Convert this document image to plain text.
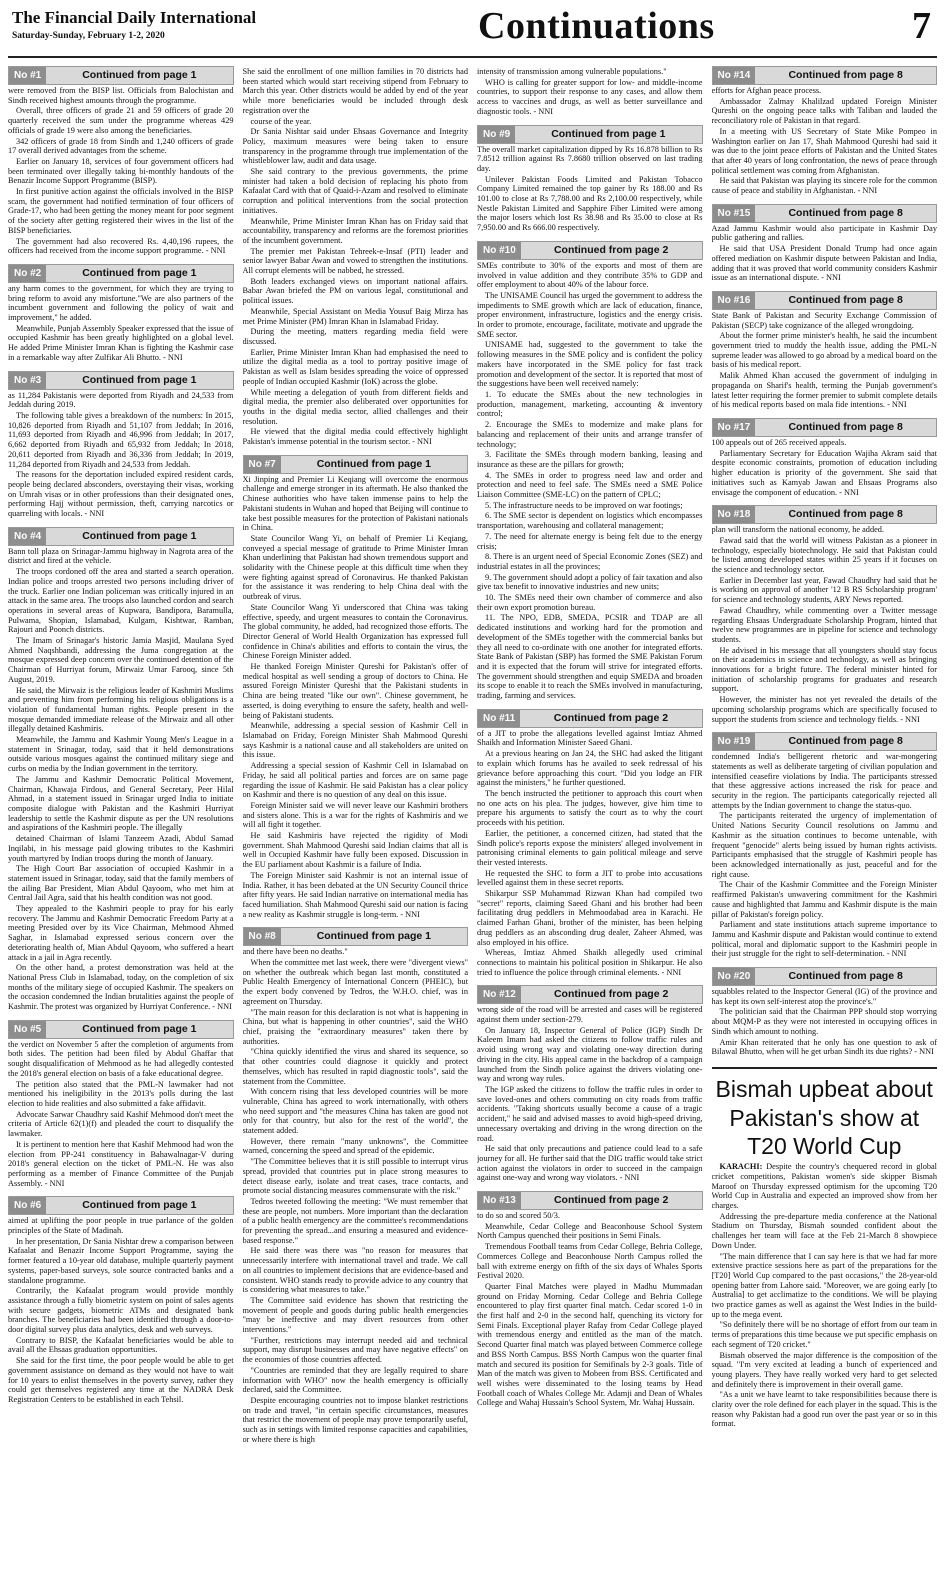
The Financial Daily International
Saturday-Sunday, February 1-2, 2020	Continuations	7
No #1	Continued from page 1

were removed from the BISP list. Officials from Balochistan and Sindh received highest amounts through the programme.

Overall, three officers of grade 21 and 59 officers of grade 20 quarterly received the sum under the programme whereas 429 officials of grade 19 were also among the beneficiaries.

342 officers of grade 18 from Sindh and 1,240 officers of grade 17 overall derived advantages from the scheme.

Earlier on January 18, services of four government officers had been terminated over illegally taking bi-monthly handouts of the Benazir Income Support Programme (BISP).

In first punitive action against the officials involved in the BISP scam, the government had notified termination of four officers of Grade-17, who had been getting the money meant for poor segment of the society after getting registered their wives in the list of the BISP beneficiaries.

The government had also recovered Rs. 4,40,196 rupees, the officers had received from the income support programme. - NNI

No #2	Continued from page 1

any harm comes to the government, for which they are trying to bring reform to avoid any misfortune."We are also partners of the incumbent government and following the policy of wait and improvement," he added.

Meanwhile, Punjab Assembly Speaker expressed that the issue of occupied Kashmir has been greatly highlighted on a global level. He added Prime Minister Imran Khan is fighting the Kashmir case in a remarkable way after Zulfikar Ali Bhutto. - NNI

No #3	Continued from page 1

as 11,284 Pakistanis were deported from Riyadh and 24,533 from Jeddah during 2019.

The following table gives a breakdown of the numbers: In 2015, 10,826 deported from Riyadh and 51,107 from Jeddah; In 2016, 11,693 deported from Riyadh and 46,996 from Jeddah; In 2017, 6,662 deported from Riyadh and 65,932 from Jeddah; In 2018, 20,611 deported from Riyadh and 36,336 from Jeddah; In 2019, 11,284 deported from Riyadh and 24,533 from Jeddah.

The reasons for the deportation included expired resident cards, people being declared absconders, overstaying their visas, working on Umrah visas or in other professions than their designated ones, performing Hajj without permission, theft, carrying narcotics or quarreling with locals. - NNI

No #4	Continued from page 1

Bann toll plaza on Srinagar-Jammu highway in Nagrota area of the district and fired at the vehicle.

The troops cordoned off the area and started a search operation. Indian police and troops arrested two persons including driver of the truck. Earlier one Indian policeman was critically injured in an attack in the same area. The troops also launched cordon and search operations in several areas of Kupwara, Bandipora, Baramulla, Pulwama, Shopian, Islamabad, Kulgam, Kishtwar, Ramban, Rajouri and Poonch districts.

The Imam of Srinagar's historic Jamia Masjid, Maulana Syed Ahmed Naqshbandi, addressing the Juma congregation at the mosque expressed deep concern over the continued detention of the Chairman of Hurriyat forum, Mirwaiz Umar Farooq, since 5th August, 2019.

He said, the Mirwaiz is the religious leader of Kashmiri Muslims and preventing him from performing his religious obligations is a violation of fundamental human rights. People present in the mosque demanded immediate release of the Mirwaiz and all other illegally detained Kashmiris.

Meanwhile, the Jammu and Kashmir Young Men's League in a statement in Srinagar, today, said that it held demonstrations outside various mosques against the continued military siege and curbs on media by the Indian government in the territory.

The Jammu and Kashmir Democratic Political Movement, Chairman, Khawaja Firdous, and General Secretary, Peer Hilal Ahmad, in a statement issued in Srinagar urged India to initiate composite dialogue with Pakistan and the Kashmiri Hurriyat leadership to settle the Kashmir dispute as per the UN resolutions and aspirations of the Kashmiri people. The illegally

detained Chairman of Islami Tanzeem Azadi, Abdul Samad Inqilabi, in his message paid glowing tributes to the Kashmiri youth martyred by Indian troops during the month of January.

The High Court Bar association of occupied Kashmir in a statement issued in Srinagar, today, said that the family members of the ailing Bar President, Mian Abdul Qayoom, who met him at Central Jail Agra, said that his health condition was not good.

They appealed to the Kashmiri people to pray for his early recovery. The Jammu and Kashmir Democratic Freedom Party at a meeting Presided over by its Vice Chairman, Mehmood Ahmed Saghar, in Islamabad expressed serious concern over the deteriorating health of, Mian Abdul Qayoom, who suffered a heart attack in a jail in Agra recently.

On the other hand, a protest demonstration was held at the National Press Club in Islamabad, today, on the completion of six months of the military siege of occupied Kashmir. The speakers on the occasion condemned the Indian brutalities against the people of Kashmir. The protest was organized by Hurriyat Conference. - NNI

No #5	Continued from page 1

the verdict on November 5 after the completion of arguments from both sides. The petition had been filed by Abdul Ghaffar that sought disqualification of Mehmood as he had allegedly contested the 2018's general election on basis of a fake educational degree.

The petition also stated that the PML-N lawmaker had not mentioned his ineligibility in the 2013's polls during the last election to hide realities and also submitted a fake affidavit.

Advocate Sarwar Chaudhry said Kashif Mehmood don't meet the criteria of Article 62(1)(f) and pleaded the court to disqualify the lawmaker.

It is pertinent to mention here that Kashif Mehmood had won the election from PP-241 constituency in Bahawalnagar-V during 2018's general election on the ticket of PML-N. He was also performing as a member of Finance Committee of the Punjab Assembly. - NNI

No #6	Continued from page 1

aimed at uplifting the poor people in true parlance of the golden principles of the State of Madinah.

In her presentation, Dr Sania Nishtar drew a comparison between Kafaalat and Benazir Income Support Programme, saying the former featured a 10-year old database, multiple quarterly payment systems, paper-based surveys, sole source contracted banks and a standalone programme.

Contrarily, the Kafaalat program would provide monthly assistance through a fully biometric system on point of sales agents with secure gadgets, biometric ATMs and designated bank branches. The beneficiaries had been identified through a door-to-door digital survey plus data analytics, desk and web surveys.

Contrary to BISP, the Kafaalat beneficiaries would be able to avail all the Ehsaas graduation opportunities.

She said for the first time, the poor people would be able to get government assistance on demand as they would not have to wait for 10 years to enlist themselves in the poverty survey, rather they could get themselves registered any time at the NADRA Desk Registration Centers to be established in each Tehsil.

She said the enrollment of one million families in 70 districts had been started which would start receiving stipend from February to March this year. Other districts would be added by end of the year while more beneficiaries would be included through desk registration over the

course of the year.

Dr Sania Nishtar said under Ehsaas Governance and Integrity Policy, maximum measures were being taken to ensure transparency in the programme through true implementation of the whistleblower law, audit and data usage.

She said contrary to the previous governments, the prime minister had taken a bold decision of replacing his photo from Kafaalat Card with that of Quaid-i-Azam and resolved to eliminate corruption and political interventions from the social protection initiatives.

Meanwhile, Prime Minister Imran Khan has on Friday said that accountability, transparency and reforms are the foremost priorities of the incumbent government.

The premier met Pakistan Tehreek-e-Insaf (PTI) leader and senior lawyer Babar Awan and vowed to strengthen the institutions. All corrupt elements will be nabbed, he stressed.

Both leaders exchanged views on important national affairs. Babar Awan briefed the PM on various legal, constitutional and political issues.

Meanwhile, Special Assistant on Media Yousuf Baig Mirza has met Prime Minister (PM) Imran Khan in Islamabad Friday.

During the meeting, matters regarding media field were discussed.

Earlier, Prime Minister Imran Khan had emphasised the need to utilize the digital media as a tool to portray positive image of Pakistan as well as Islam besides spreading the voice of oppressed people of Indian occupied Kashmir (IoK) across the globe.

While meeting a delegation of youth from different fields and digital media, the premier also deliberated over opportunities for youths in the digital media sector, allied challenges and their resolution.

He viewed that the digital media could effectively highlight Pakistan's immense potential in the tourism sector. - NNI

No #7	Continued from page 1

Xi Jinping and Premier Li Keqiang will overcome the enormous challenge and emerge stronger in its aftermath. He also thanked the Chinese authorities who have taken immense pains to help the Pakistani students in Wuhan and hoped that Beijing will continue to take best possible measures for the protection of Pakistani nationals in China.

State Councilor Wang Yi, on behalf of Premier Li Keqiang, conveyed a special message of gratitude to Prime Minister Imran Khan underlining that Pakistan had shown tremendous support and solidarity with the Chinese people at this difficult time when they were fighting against spread of Coronavirus. He thanked Pakistan for the assistance it was rendering to help China deal with the outbreak of virus.

State Councilor Wang Yi underscored that China was taking effective, speedy, and urgent measures to contain the Coronavirus. The global community, he added, had recognized those efforts. The Director General of World Health Organization has expressed full confidence in China's abilities and efforts to contain the virus, the Chinese Foreign Minister added.

He thanked Foreign Minister Qureshi for Pakistan's offer of medical hospital as well sending a group of doctors to China. He assured Foreign Minister Qureshi that the Pakistani students in China are being treated "like our own". Chinese government, he asserted, is doing everything to ensure the safety, health and well-being of Pakistani students.

Meanwhile, addressing a special session of Kashmir Cell in Islamabad on Friday, Foreign Minister Shah Mahmood Qureshi says Kashmir is a national cause and all stakeholders are united on this issue.

Addressing a special session of Kashmir Cell in Islamabad on Friday, he said all political parties and forces are on same page regarding the issue of Kashmir. He said Pakistan has a clear policy on Kashmir and there is no question of any deal on this issue.

Foreign Minister said we will never leave our Kashmiri brothers and sisters alone. This is a war for the rights of Kashmiris and we will all fight it together.

He said Kashmiris have rejected the rigidity of Modi government. Shah Mahmood Qureshi said Indian claims that all is well in Occupied Kashmir have fully been exposed. Discussion in the EU parliament about Kashmir is a failure of India.

The Foreign Minister said Kashmir is not an internal issue of India. Rather, it has been debated at the UN Security Council thrice after fifty years. He said Indian narrative on international media has faced humiliation. Shah Mahmood Qureshi said our nation is facing a new reality as Kashmir struggle is long-term. - NNI

No #8	Continued from page 1

and there have been no deaths."

When the committee met last week, there were "divergent views" on whether the outbreak which began last month, constituted a Public Health Emergency of International Concern (PHEIC), but the expert body convened by Tedros, the W.H.O. chief, was in agreement on Thursday.

"The main reason for this declaration is not what is happening in China, but what is happening in other countries", said the WHO chief, praising the "extraordinary measures" taken there by authorities.

"China quickly identified the virus and shared its sequence, so that other countries could diagnose it quickly and protect themselves, which has resulted in rapid diagnostic tools", said the statement from the Committee.

With concern rising that less developed countries will be more vulnerable, China has agreed to work internationally, with others who need support and "the measures China has taken are good not only for that country, but also for the rest of the world", the statement added.

However, there remain "many unknowns", the Committee warned, concerning the speed and spread of the epidemic.

"The Committee believes that it is still possible to interrupt virus spread, provided that countries put in place strong measures to detect disease early, isolate and treat cases, trace contacts, and promote social distancing measures commensurate with the risk."

Tedros tweeted following the meeting: "We must remember that these are people, not numbers. More important than the declaration of a public health emergency are the committee's recommendations for preventing the spread...and ensuring a measured and evidence-based response."

He said there was there was "no reason for measures that unnecessarily interfere with international travel and trade. We call on all countries to implement decisions that are evidence-based and consistent. WHO stands ready to provide advice to any country that is considering what measures to take."

The Committee said evidence has shown that restricting the movement of people and goods during public health emergencies "may be ineffective and may divert resources from other interventions."

"Further, restrictions may interrupt needed aid and technical support, may disrupt businesses and may have negative effects" on the economies of those countries affected.

"Countries are reminded that they are legally required to share information with WHO" now the health emergency is officially declared, said the Committee.

Despite encouraging countries not to impose blanket restrictions on trade and travel, "in certain specific circumstances, measures that restrict the movement of people may prove temporarily useful, such as in settings with limited response capacities and capabilities, or where there is high

intensity of transmission among vulnerable populations."

WHO is calling for greater support for low- and middle-income countries, to support their response to any cases, and allow them access to vaccines and drugs, as well as better surveillance and diagnostic tools. - NNI

No #9	Continued from page 1

The overall market capitalization dipped by Rs 16.878 billion to Rs 7.8512 trillion against Rs 7.8680 trillion observed on last trading day.

Unilever Pakistan Foods Limited and Pakistan Tobacco Company Limited remained the top gainer by Rs 188.00 and Rs 101.00 to close at Rs 7,788.00 and Rs 2,100.00 respectively, while Nestle Pakistan Limited and Sapphire Fiber Limited were among the major losers which lost Rs 38.98 and Rs 35.00 to close at Rs 7,950.00 and Rs 666.00 respectively.

No #10	Continued from page 2

SMEs contribute to 30% of the exports and most of them are involved in value addition and they contribute 35% to GDP and offer employment to about 40% of the labour force.

The UNISAME Council has urged the government to address the impediments to SME growth which are lack of education, finance, proper environment, infrastructure, logistics and the energy crisis. In order to promote, encourage, facilitate, motivate and upgrade the SME sector.

UNISAME had, suggested to the government to take the following measures in the SME policy and is confident the policy makers have incorporated in the SME policy for fast track promotion and development of the sector. It is reported that most of the suggestions have been well received namely:

1. To educate the SMEs about the new technologies in production, management, marketing, accounting & inventory control;

2. Encourage the SMEs to modernize and make plans for balancing and replacement of their units and arrange transfer of technology;

3. Facilitate the SMEs through modern banking, leasing and insurance as these are the pillars for growth;

4. The SMEs in order to progress need law and order and protection and need to feel safe. The SMEs need a SME Police Liaison Committee (SME-LC) on the pattern of CPLC;

5. The infrastructure needs to be improved on war footings;

6. The SME sector is dependent on logistics which encompasses transportation, warehousing and collateral management;

7. The need for alternate energy is being felt due to the energy crisis;

8. There is an urgent need of Special Economic Zones (SEZ) and industrial estates in all the provinces;

9. The government should adopt a policy of fair taxation and also give tax benefit to innovative industries and new units;

10. The SMEs need their own chamber of commerce and also their own export promotion bureau.

11. The NPO, EDB, SMEDA, PCSIR and TDAP are all dedicated institutions and working hard for the promotion and development of the SMEs together with the commercial banks but they all need to co-ordinate with one another for integrated efforts. State Bank of Pakistan (SBP) has formed the SME Pakistan Forum and it is expected that the forum will strive for integrated efforts. The government should strengthen and equip SMEDA and broaden its scope to enable it to reach the SMEs involved in manufacturing, trading, farming and services.

No #11	Continued from page 2

of a JIT to probe the allegations levelled against Imtiaz Ahmed Shaikh and Information Minister Saeed Ghani.

At a previous hearing on Jan 24, the SHC had asked the litigant to explain which forums has he availed to seek redressal of his grievance before approaching this court. "Did you lodge an FIR against the ministers," he further questioned.

The bench instructed the petitioner to approach this court when no one acts on his plea. The judges, however, give him time to prepare his arguments to satisfy the court as to why the court proceeds with his petition.

Earlier, the petitioner, a concerned citizen, had stated that the Sindh police's reports expose the ministers' alleged involvement in patronising criminal elements to gain political mileage and serve their vested interests.

He requested the SHC to form a JIT to probe into accusations levelled against them in these secret reports.

Shikarpur SSP Muhammad Rizwan Khan had compiled two "secret" reports, claiming Saeed Ghani and his brother had been facilitating drug peddlers in Mehmoodabad area in Karachi. He claimed Farhan Ghani, brother of the minister, has been helping drug peddlers as an absconding drug dealer, Zaheer Ahmed, was also employed in his office.

Whereas, Imtiaz Ahmed Shaikh allegedly used criminal connections to maintain his political position in Shikarpur. He also tried to influence the police through criminal elements. - NNI

No #12	Continued from page 2

wrong side of the road will be arrested and cases will be registered against them under section-279.

On January 18, Inspector General of Police (IGP) Sindh Dr Kaleem Imam had asked the citizens to follow traffic rules and avoid using wrong way and violating one-way direction during driving in the city. His appeal came in the backdrop of a campaign launched from the Sindh police against the drivers violating one-way and wrong way rules.

The IGP asked the citizens to follow the traffic rules in order to save loved-ones and others commuting on city roads from traffic accidents. "Taking shortcuts usually become a cause of a tragic accident," he said and advised masses to avoid high-speed driving, unnecessary overtaking and driving in the wrong direction on the road.

He said that only precautions and patience could lead to a safe journey for all. He further said that the DIG traffic would take strict action against the violators in order to succeed in the campaign against one-way and wrong way violators. - NNI

No #13	Continued from page 2

to do so and scored 50/3.

Meanwhile, Cedar College and Beaconhouse School System North Campus quenched their positions in Semi Finals.

Tremendous Football teams from Cedar College, Behria College, Commerces College and Beaconhouse North Campus rolled the ball with extreme energy on fifth of the six days of Whales Sports Festival 2020.

Quarter Final Matches were played in Madhu Mummadan ground on Friday Morning. Cedar College and Behria College encountered to play first quarter final match. Cedar scored 1-0 in the first half and 2-0 in the second half, quenching its victory for Semi Finals. Exceptional player Rafay from Cedar College played with tremendous energy and entitled as the man of the match. Second Quarter final match was played between Commerce college and BSS North Campus. BSS North Campus won the quarter final match and secured its position for Semifinals by 2-3 goals. Title of Man of the match was given to Mobeen from BSS. Certificated and well wishes were disseminated to the losing teams by Head Football coach of Whales College Mr. Adamji and Dean of Whales College and Wahaj Hussain's School System, Mr. Wahaj Hussain.

No #14	Continued from page 8

efforts for Afghan peace process.

Ambassador Zalmay Khalilzad updated Foreign Minister Qureshi on the ongoing peace talks with Taliban and lauded the reconciliatory role of Pakistan in that regard.

In a meeting with US Secretary of State Mike Pompeo in Washington earlier on Jan 17, Shah Mahmood Qureshi had said it was due to the joint peace efforts of Pakistan and the United States that after 40 years of long confrontation, the news of peace through political settlement was coming from Afghanistan.

He said that Pakistan was playing its sincere role for the common cause of peace and stability in Afghanistan. - NNI

No #15	Continued from page 8

Azad Jammu Kashmir would also participate in Kashmir Day public gathering and rallies.

He said that USA President Donald Trump had once again offered mediation on Kashmir dispute between Pakistan and India, adding that it was proved that world community considers Kashmir issue as an international dispute. - NNI

No #16	Continued from page 8

State Bank of Pakistan and Security Exchange Commission of Pakistan (SECP) take cognizance of the alleged wrongdoing.

About the former prime minister's health, he said the incumbent government tried to muddy the health issue, adding the PML-N supreme leader was allowed to go abroad by a medical board on the basis of his medical report.

Malik Ahmed Khan accused the government of indulging in propaganda on Sharif's health, terming the Punjab government's latest letter requiring the former premier to submit complete details of his medical reports based on mala fide intentions. - NNI

No #17	Continued from page 8

100 appeals out of 265 received appeals.

Parliamentary Secretary for Education Wajiha Akram said that despite economic constraints, promotion of education including higher education is priority of the government. She said that initiatives such as Kamyab Jawan and Ehsaas Programs also envisage the component of education. - NNI

No #18	Continued from page 8

plan will transform the national economy, he added.

Fawad said that the world will witness Pakistan as a pioneer in technology, especially biotechnology. He said that Pakistan could be listed among developed states within 25 years if it focuses on the science and technology sector.

Earlier in December last year, Fawad Chaudhry had said that he is working on approval of another '12 B RS Scholarship program' for science and technology students, ARY News reported.

Fawad Chaudhry, while commenting over a Twitter message regarding Ehsaas Undergraduate Scholarship Program, hinted that twelve new programmes are in pipeline for science and technology students.

He advised in his message that all youngsters should stay focus on their academics in science and technology, as well as bringing innovations for a bright future. The federal minister hinted for initiation of scholarship programs for graduates and research support.

However, the minister has not yet revealed the details of the upcoming scholarship programs which are specifically focused to support the students from science and technology fields. - NNI

No #19	Continued from page 8

condemned India's belligerent rhetoric and war-mongering statements as well as deliberate targeting of civilian population and intensified ceasefire violations by India. The participants stressed that these aggressive actions increased the risk for peace and security in the region. The participants categorically rejected all attempts by the Indian government to change the status-quo.

The participants reiterated the urgency of implementation of United Nations Security Council resolutions on Jammu and Kashmir as the situation continues to become untenable, with frequent "genocide" alerts being issued by human rights activists. Participants emphasised that the struggle of Kashmiri people has been acknowledged internationally as just, peaceful and for the right cause.

The Chair of the Kashmir Committee and the Foreign Minister reaffirmed Pakistan's unwavering commitment for the Kashmiri cause and highlighted that Jammu and Kashmir dispute is the main pillar of Pakistan's foreign policy.

Parliament and state institutions attach supreme importance to Jammu and Kashmir dispute and Pakistan would continue to extend political, moral and diplomatic support to the Kashmiri people in their just struggle for the right to self-determination. - NNI

No #20	Continued from page 8

squabbles related to the Inspector General (IG) of the province and has kept its own self-interest atop the province's."

The politician said that the Chairman PPP should stop worrying about MQM-P as they were not interested in occupying offices in Sindh which amount to nothing.

Amir Khan reiterated that he only has one question to ask of Bilawal Bhutto, when will he get urban Sindh its due rights? - NNI

Bismah upbeat about Pakistan's show at T20 World Cup

KARACHI: Despite the country's chequered record in global cricket competitions, Pakistan women's side skipper Bismah Maroof on Thursday expressed optimism for the upcoming T20 World Cup in Australia and expected an improved show from her charges.

Addressing the pre-departure media conference at the National Stadium on Thursday, Bismah sounded confident about the challenges her team will face at the Feb 21-March 8 showpiece Down Under.

"The main difference that I can say here is that we had far more extensive practice sessions here as part of the preparations for the [T20] World Cup compared to the past occasions," the 28-year-old opening batter from Lahore said. "Moreover, we are going early [to Australia] to get acclimatize to the conditions. We will be playing two practice games as well as against the West Indies in the build-up to the mega event.

"So definitely there will be no shortage of effort from our team in terms of preparations this time because we put specific emphasis on each segment of T20 cricket."

Bismah observed the major difference is the composition of the squad. "I'm very excited at leading a bunch of experienced and young players. They have really worked very hard to get selected and definitely there is improvement in their overall game.

"As a unit we have learnt to take responsibilities because there is clarity over the role defined for each player in the squad. This is the reason why Pakistan had a good run over the past year or so in this format.
